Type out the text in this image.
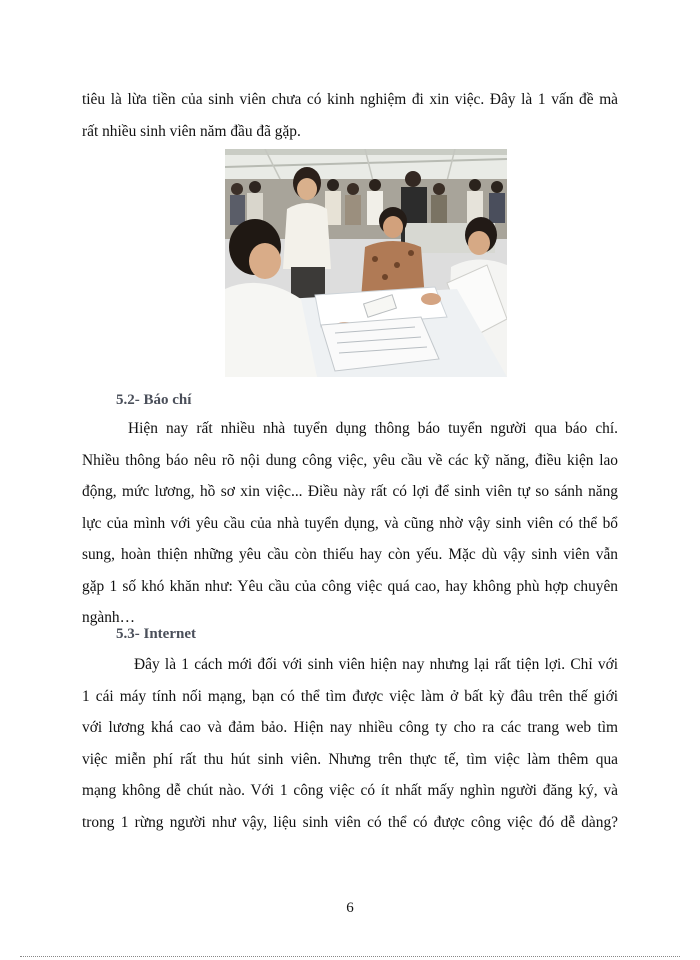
tiêu là lừa tiền của sinh viên chưa có kinh nghiệm đi xin việc. Đây là 1 vấn đề mà
rất nhiều sinh viên năm đầu đã gặp.
5.2- Báo chí
Hiện nay rất nhiều nhà tuyển dụng thông báo tuyển người qua báo chí.
Nhiều thông báo nêu rõ nội dung công việc, yêu cầu về các kỹ năng, điều kiện lao
động, mức lương, hồ sơ xin việc... Điều này rất có lợi để sinh viên tự so sánh năng
lực của mình với yêu cầu của nhà tuyển dụng, và cũng nhờ vậy sinh viên có thể bổ
sung, hoàn thiện những yêu cầu còn thiếu hay còn yếu. Mặc dù vậy sinh viên vẫn
gặp 1 số khó khăn như: Yêu cầu của công việc quá cao, hay không phù hợp chuyên
ngành…
5.3- Internet
Đây là 1 cách mới đối với sinh viên hiện nay nhưng lại rất tiện lợi. Chỉ với
1 cái máy tính nối mạng, bạn có thể tìm được việc làm ở bất kỳ đâu trên thế giới
với lương khá cao và đảm bảo. Hiện nay nhiều công ty cho ra các trang web tìm
việc miễn phí rất thu hút sinh viên. Nhưng trên thực tế, tìm việc làm thêm qua
mạng không dễ chút nào. Với 1 công việc có ít nhất mấy nghìn người đăng ký, và
trong 1 rừng người như vậy, liệu sinh viên có thể có được công việc đó dễ dàng?
6
